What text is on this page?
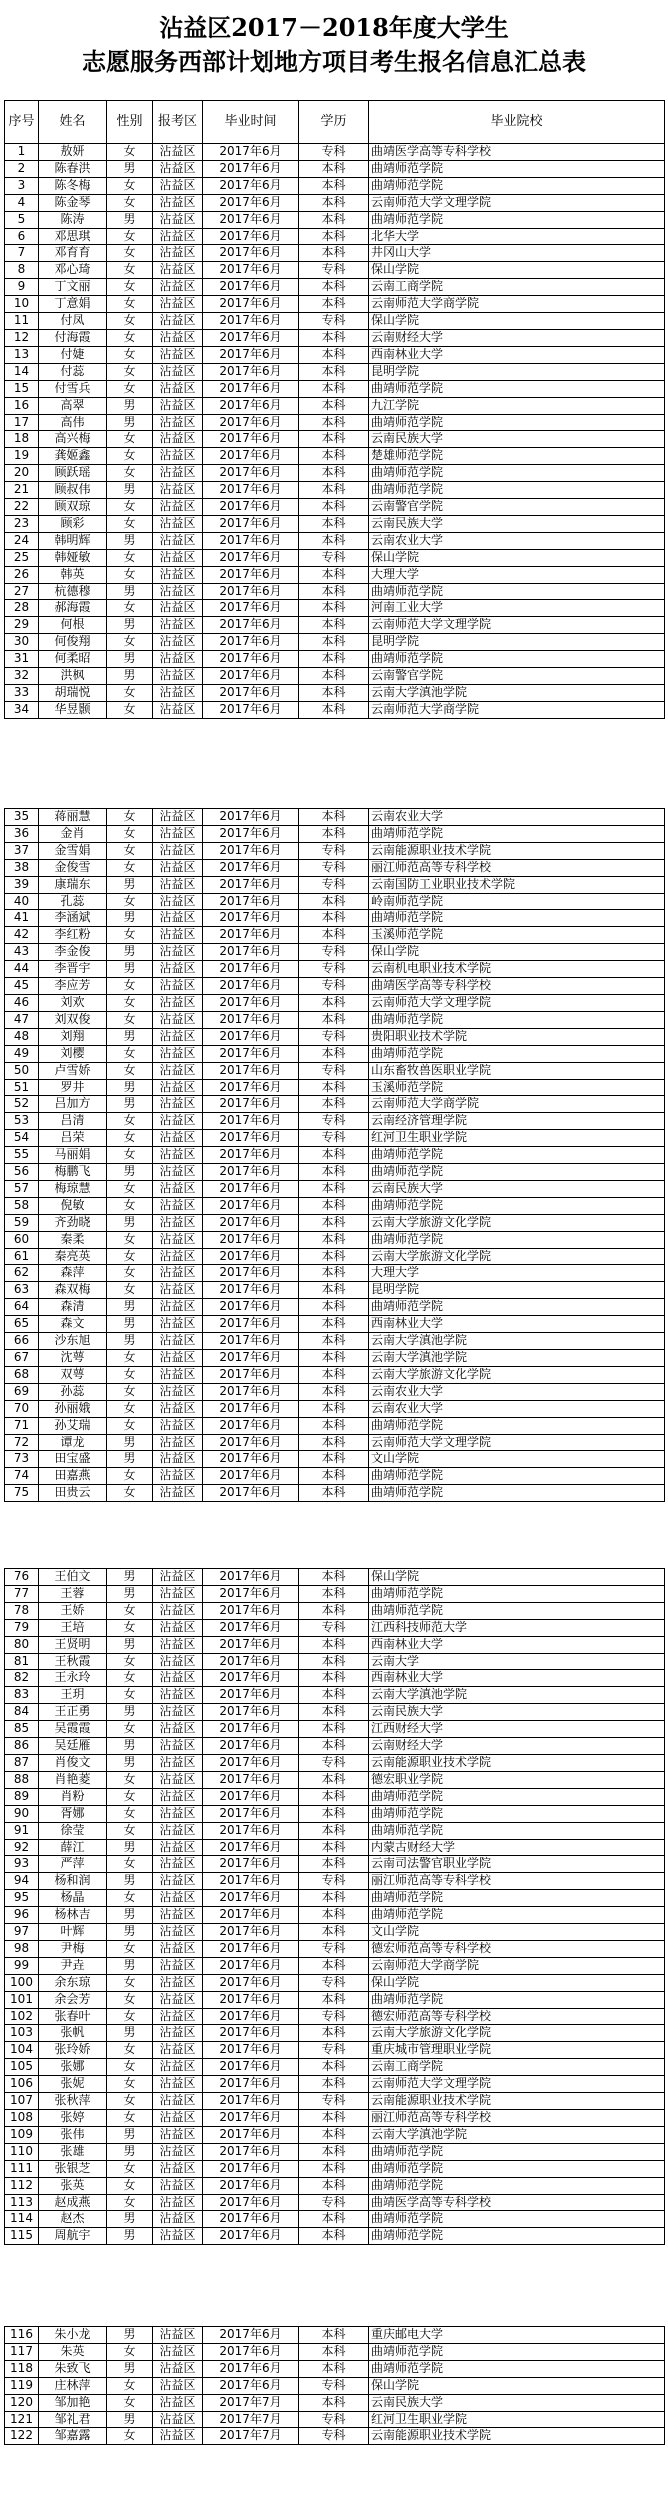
沾益区2017－2018年度大学生
志愿服务西部计划地方项目考生报名信息汇总表
序号	姓名	性别	报考区	毕业时间	学历	毕业院校
1	敖妍	女	沾益区	2017年6月	专科	曲靖医学高等专科学校
2	陈春洪	男	沾益区	2017年6月	本科	曲靖师范学院
3	陈冬梅	女	沾益区	2017年6月	本科	曲靖师范学院
4	陈金琴	女	沾益区	2017年6月	本科	云南师范大学文理学院
5	陈涛	男	沾益区	2017年6月	本科	曲靖师范学院
6	邓思琪	女	沾益区	2017年6月	本科	北华大学
7	邓育育	女	沾益区	2017年6月	本科	井冈山大学
8	邓心琦	女	沾益区	2017年6月	专科	保山学院
9	丁文丽	女	沾益区	2017年6月	本科	云南工商学院
10	丁意娟	女	沾益区	2017年6月	本科	云南师范大学商学院
11	付凤	女	沾益区	2017年6月	专科	保山学院
12	付海霞	女	沾益区	2017年6月	本科	云南财经大学
13	付婕	女	沾益区	2017年6月	本科	西南林业大学
14	付蕊	女	沾益区	2017年6月	本科	昆明学院
15	付雪兵	女	沾益区	2017年6月	本科	曲靖师范学院
16	高翠	男	沾益区	2017年6月	本科	九江学院
17	高伟	男	沾益区	2017年6月	本科	曲靖师范学院
18	高兴梅	女	沾益区	2017年6月	本科	云南民族大学
19	龚姬鑫	女	沾益区	2017年6月	本科	楚雄师范学院
20	顾跃瑶	女	沾益区	2017年6月	本科	曲靖师范学院
21	顾叔伟	男	沾益区	2017年6月	本科	曲靖师范学院
22	顾双琼	女	沾益区	2017年6月	本科	云南警官学院
23	顾彩	女	沾益区	2017年6月	本科	云南民族大学
24	韩明辉	男	沾益区	2017年6月	本科	云南农业大学
25	韩娅敏	女	沾益区	2017年6月	专科	保山学院
26	韩英	女	沾益区	2017年6月	本科	大理大学
27	杭德穆	男	沾益区	2017年6月	本科	曲靖师范学院
28	郝海霞	女	沾益区	2017年6月	本科	河南工业大学
29	何根	男	沾益区	2017年6月	本科	云南师范大学文理学院
30	何俊翔	女	沾益区	2017年6月	本科	昆明学院
31	何柔昭	男	沾益区	2017年6月	本科	曲靖师范学院
32	洪枫	男	沾益区	2017年6月	本科	云南警官学院
33	胡瑞悦	女	沾益区	2017年6月	本科	云南大学滇池学院
34	华昱颢	女	沾益区	2017年6月	本科	云南师范大学商学院
35	蒋丽慧	女	沾益区	2017年6月	本科	云南农业大学
36	金肖	女	沾益区	2017年6月	本科	曲靖师范学院
37	金雪娟	女	沾益区	2017年6月	专科	云南能源职业技术学院
38	金俊雪	女	沾益区	2017年6月	专科	丽江师范高等专科学校
39	康瑞东	男	沾益区	2017年6月	专科	云南国防工业职业技术学院
40	孔蕊	女	沾益区	2017年6月	本科	岭南师范学院
41	李涵斌	男	沾益区	2017年6月	本科	曲靖师范学院
42	李红粉	女	沾益区	2017年6月	本科	玉溪师范学院
43	李金俊	男	沾益区	2017年6月	专科	保山学院
44	李晋宇	男	沾益区	2017年6月	专科	云南机电职业技术学院
45	李应芳	女	沾益区	2017年6月	专科	曲靖医学高等专科学校
46	刘欢	女	沾益区	2017年6月	本科	云南师范大学文理学院
47	刘双俊	女	沾益区	2017年6月	本科	曲靖师范学院
48	刘翔	男	沾益区	2017年6月	专科	贵阳职业技术学院
49	刘樱	女	沾益区	2017年6月	本科	曲靖师范学院
50	卢雪娇	女	沾益区	2017年6月	专科	山东畜牧兽医职业学院
51	罗井	男	沾益区	2017年6月	本科	玉溪师范学院
52	吕加方	男	沾益区	2017年6月	本科	云南师范大学商学院
53	吕清	女	沾益区	2017年6月	专科	云南经济管理学院
54	吕荣	女	沾益区	2017年6月	专科	红河卫生职业学院
55	马丽娟	女	沾益区	2017年6月	本科	曲靖师范学院
56	梅鹏飞	男	沾益区	2017年6月	本科	曲靖师范学院
57	梅琼慧	女	沾益区	2017年6月	本科	云南民族大学
58	倪敏	女	沾益区	2017年6月	本科	曲靖师范学院
59	齐劲晓	男	沾益区	2017年6月	本科	云南大学旅游文化学院
60	秦柔	女	沾益区	2017年6月	本科	曲靖师范学院
61	秦亮英	女	沾益区	2017年6月	本科	云南大学旅游文化学院
62	森萍	女	沾益区	2017年6月	本科	大理大学
63	森双梅	女	沾益区	2017年6月	本科	昆明学院
64	森清	男	沾益区	2017年6月	本科	曲靖师范学院
65	森文	男	沾益区	2017年6月	本科	西南林业大学
66	沙东旭	男	沾益区	2017年6月	本科	云南大学滇池学院
67	沈萼	女	沾益区	2017年6月	本科	云南大学滇池学院
68	双萼	女	沾益区	2017年6月	本科	云南大学旅游文化学院
69	孙蕊	女	沾益区	2017年6月	本科	云南农业大学
70	孙丽娥	女	沾益区	2017年6月	本科	云南农业大学
71	孙艾瑞	女	沾益区	2017年6月	本科	曲靖师范学院
72	谭龙	男	沾益区	2017年6月	本科	云南师范大学文理学院
73	田宝盛	男	沾益区	2017年6月	本科	文山学院
74	田嘉燕	女	沾益区	2017年6月	本科	曲靖师范学院
75	田贵云	女	沾益区	2017年6月	本科	曲靖师范学院
76	王伯文	男	沾益区	2017年6月	本科	保山学院
77	王蓉	男	沾益区	2017年6月	本科	曲靖师范学院
78	王娇	女	沾益区	2017年6月	本科	曲靖师范学院
79	王培	女	沾益区	2017年6月	专科	江西科技师范大学
80	王贤明	男	沾益区	2017年6月	本科	西南林业大学
81	王秋霞	女	沾益区	2017年6月	本科	云南大学
82	王永玲	女	沾益区	2017年6月	本科	西南林业大学
83	王玥	女	沾益区	2017年6月	本科	云南大学滇池学院
84	王正勇	男	沾益区	2017年6月	本科	云南民族大学
85	吴霞霞	女	沾益区	2017年6月	本科	江西财经大学
86	吴廷雁	男	沾益区	2017年6月	本科	云南财经大学
87	肖俊文	男	沾益区	2017年6月	专科	云南能源职业技术学院
88	肖艳菱	女	沾益区	2017年6月	本科	德宏职业学院
89	肖粉	女	沾益区	2017年6月	本科	曲靖师范学院
90	胥娜	女	沾益区	2017年6月	本科	曲靖师范学院
91	徐莹	女	沾益区	2017年6月	本科	曲靖师范学院
92	薛江	男	沾益区	2017年6月	本科	内蒙古财经大学
93	严萍	女	沾益区	2017年6月	本科	云南司法警官职业学院
94	杨和润	男	沾益区	2017年6月	专科	丽江师范高等专科学校
95	杨晶	女	沾益区	2017年6月	本科	曲靖师范学院
96	杨林吉	男	沾益区	2017年6月	本科	曲靖师范学院
97	叶辉	男	沾益区	2017年6月	本科	文山学院
98	尹梅	女	沾益区	2017年6月	专科	德宏师范高等专科学校
99	尹垚	男	沾益区	2017年6月	本科	云南师范大学商学院
100	余东琼	女	沾益区	2017年6月	专科	保山学院
101	余会芳	女	沾益区	2017年6月	本科	曲靖师范学院
102	张春叶	女	沾益区	2017年6月	专科	德宏师范高等专科学校
103	张帆	男	沾益区	2017年6月	本科	云南大学旅游文化学院
104	张玲娇	女	沾益区	2017年6月	专科	重庆城市管理职业学院
105	张娜	女	沾益区	2017年6月	本科	云南工商学院
106	张妮	女	沾益区	2017年6月	本科	云南师范大学文理学院
107	张秋萍	女	沾益区	2017年6月	专科	云南能源职业技术学院
108	张婷	女	沾益区	2017年6月	本科	丽江师范高等专科学校
109	张伟	男	沾益区	2017年6月	本科	云南大学滇池学院
110	张雄	男	沾益区	2017年6月	本科	曲靖师范学院
111	张银芝	女	沾益区	2017年6月	本科	曲靖师范学院
112	张英	女	沾益区	2017年6月	本科	曲靖师范学院
113	赵成燕	女	沾益区	2017年6月	专科	曲靖医学高等专科学校
114	赵杰	男	沾益区	2017年6月	本科	曲靖师范学院
115	周航宇	男	沾益区	2017年6月	本科	曲靖师范学院
116	朱小龙	男	沾益区	2017年6月	本科	重庆邮电大学
117	朱英	女	沾益区	2017年6月	本科	曲靖师范学院
118	朱致飞	男	沾益区	2017年6月	本科	曲靖师范学院
119	庄林萍	女	沾益区	2017年6月	专科	保山学院
120	邹加艳	女	沾益区	2017年7月	本科	云南民族大学
121	邹礼君	男	沾益区	2017年7月	专科	红河卫生职业学院
122	邹嘉露	女	沾益区	2017年7月	专科	云南能源职业技术学院
